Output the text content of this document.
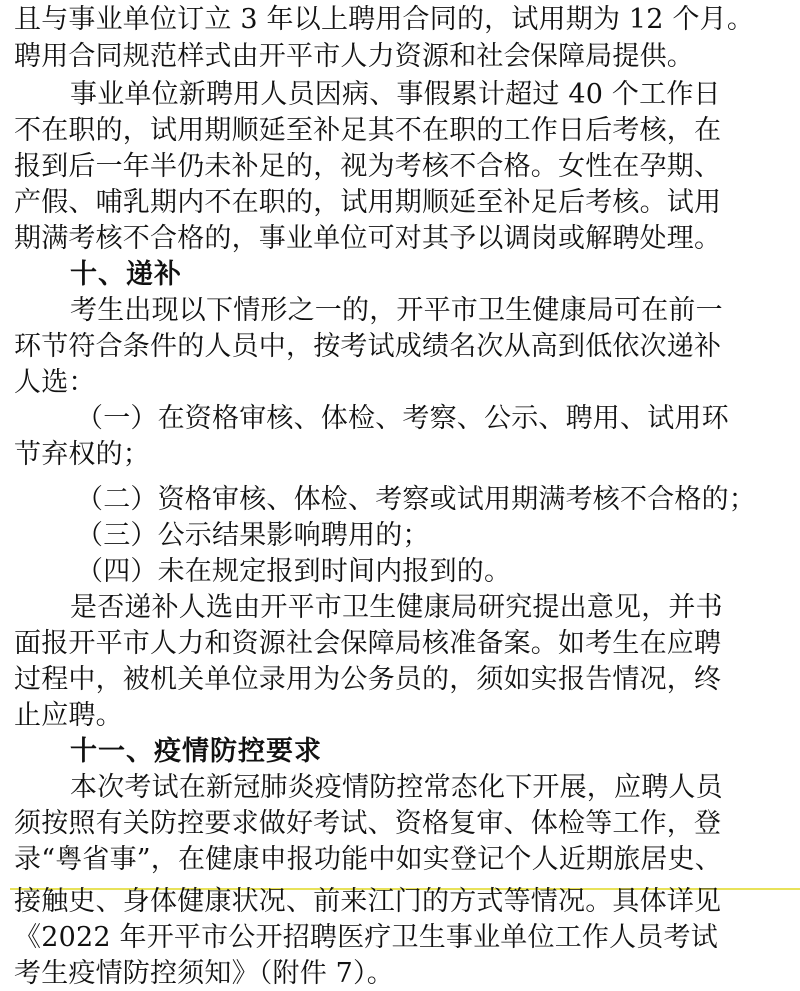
且与事业单位订立 3 年以上聘用合同的，试用期为 12 个月。
聘用合同规范样式由开平市人力资源和社会保障局提供。
事业单位新聘用人员因病、事假累计超过 40 个工作日
不在职的，试用期顺延至补足其不在职的工作日后考核，在
报到后一年半仍未补足的，视为考核不合格。女性在孕期、
产假、哺乳期内不在职的，试用期顺延至补足后考核。试用
期满考核不合格的，事业单位可对其予以调岗或解聘处理。
十、递补
考生出现以下情形之一的，开平市卫生健康局可在前一
环节符合条件的人员中，按考试成绩名次从高到低依次递补
人选：
（一）在资格审核、体检、考察、公示、聘用、试用环
节弃权的；
（二）资格审核、体检、考察或试用期满考核不合格的；
（三）公示结果影响聘用的；
（四）未在规定报到时间内报到的。
是否递补人选由开平市卫生健康局研究提出意见，并书
面报开平市人力和资源社会保障局核准备案。如考生在应聘
过程中，被机关单位录用为公务员的，须如实报告情况，终
止应聘。
十一、疫情防控要求
本次考试在新冠肺炎疫情防控常态化下开展，应聘人员
须按照有关防控要求做好考试、资格复审、体检等工作，登
录“粤省事”，在健康申报功能中如实登记个人近期旅居史、
接触史、身体健康状况、前来江门的方式等情况。具体详见
《2022 年开平市公开招聘医疗卫生事业单位工作人员考试
考生疫情防控须知》（附件 7）。
